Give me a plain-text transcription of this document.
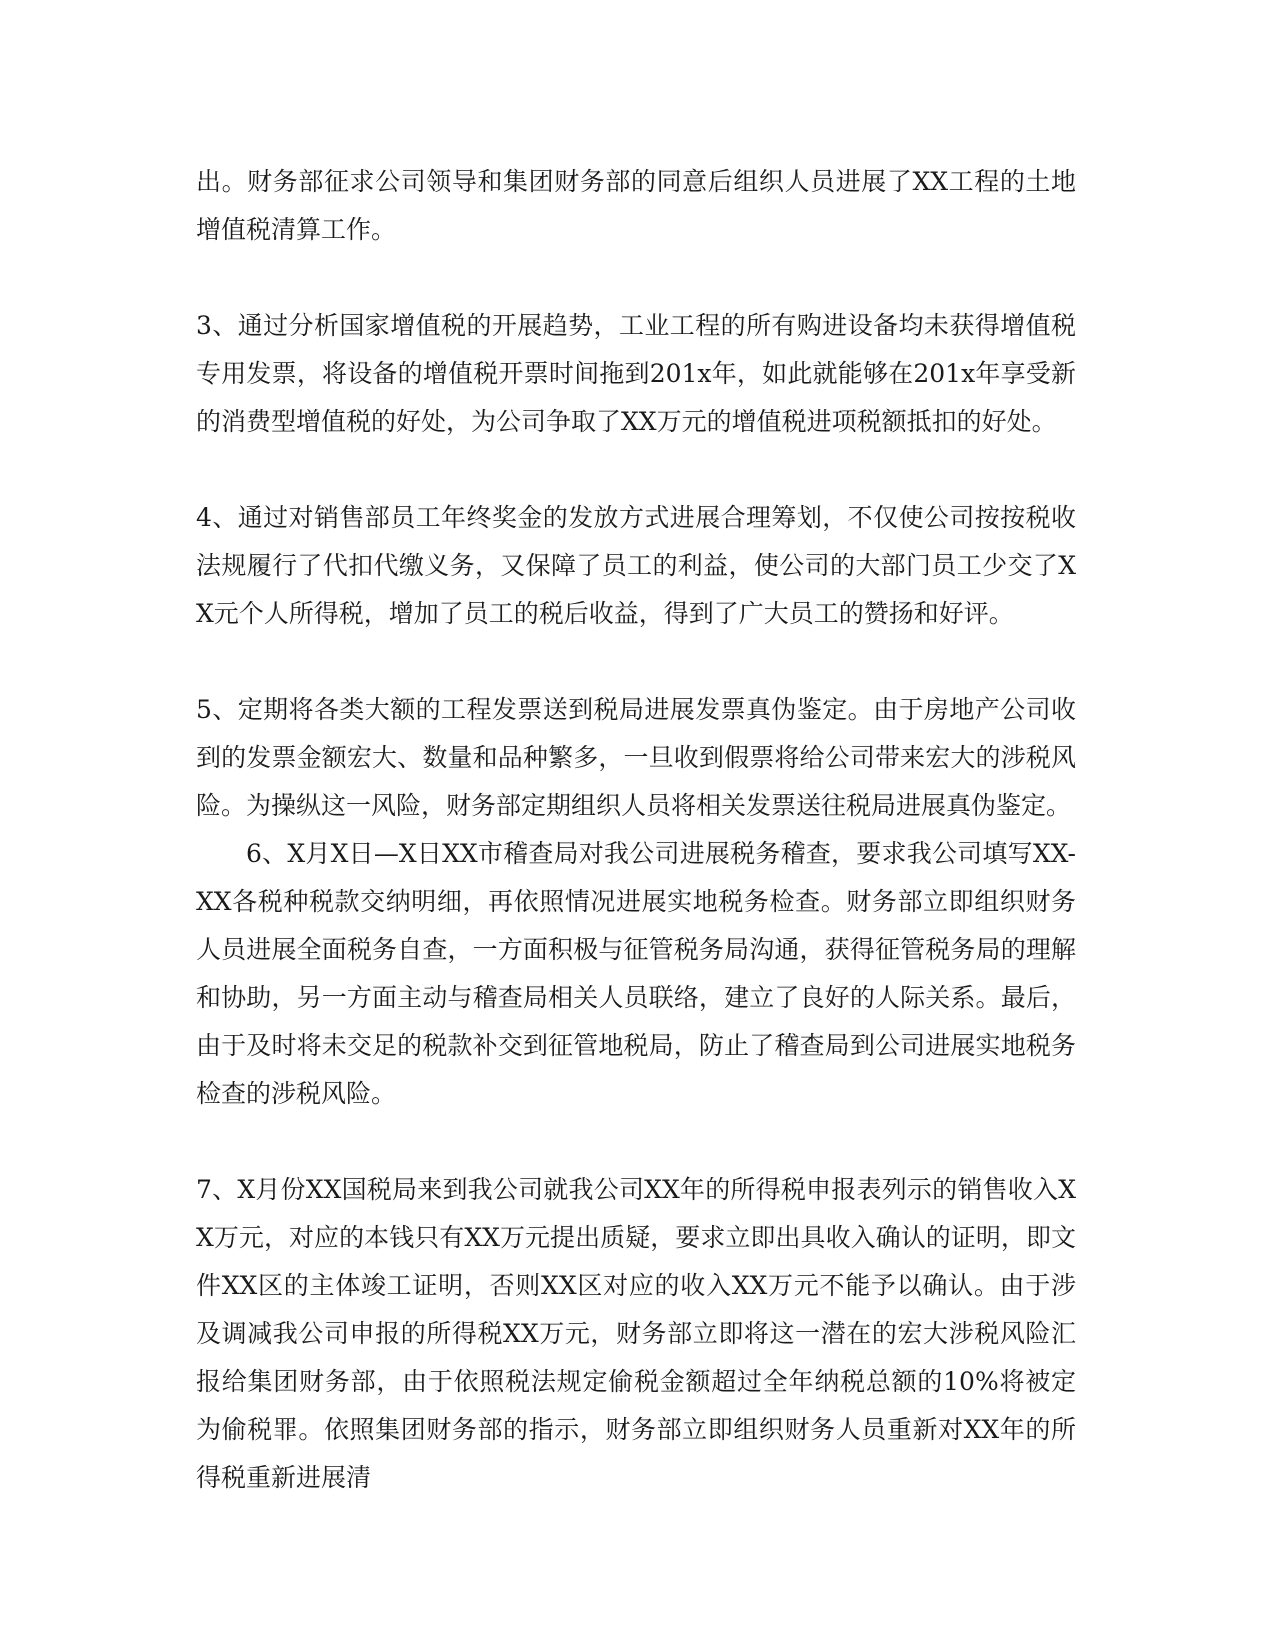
出。财务部征求公司领导和集团财务部的同意后组织人员进展了XX工程的土地增值税清算工作。

3、通过分析国家增值税的开展趋势，工业工程的所有购进设备均未获得增值税专用发票，将设备的增值税开票时间拖到201x年，如此就能够在201x年享受新的消费型增值税的好处，为公司争取了XX万元的增值税进项税额抵扣的好处。

4、通过对销售部员工年终奖金的发放方式进展合理筹划，不仅使公司按按税收法规履行了代扣代缴义务，又保障了员工的利益，使公司的大部门员工少交了XX元个人所得税，增加了员工的税后收益，得到了广大员工的赞扬和好评。

5、定期将各类大额的工程发票送到税局进展发票真伪鉴定。由于房地产公司收到的发票金额宏大、数量和品种繁多，一旦收到假票将给公司带来宏大的涉税风险。为操纵这一风险，财务部定期组织人员将相关发票送往税局进展真伪鉴定。

6、X月X日—X日XX市稽查局对我公司进展税务稽查，要求我公司填写XX-XX各税种税款交纳明细，再依照情况进展实地税务检查。财务部立即组织财务人员进展全面税务自查，一方面积极与征管税务局沟通，获得征管税务局的理解和协助，另一方面主动与稽查局相关人员联络，建立了良好的人际关系。最后，由于及时将未交足的税款补交到征管地税局，防止了稽查局到公司进展实地税务检查的涉税风险。

7、X月份XX国税局来到我公司就我公司XX年的所得税申报表列示的销售收入XX万元，对应的本钱只有XX万元提出质疑，要求立即出具收入确认的证明，即文件XX区的主体竣工证明，否则XX区对应的收入XX万元不能予以确认。由于涉及调减我公司申报的所得税XX万元，财务部立即将这一潜在的宏大涉税风险汇报给集团财务部，由于依照税法规定偷税金额超过全年纳税总额的10%将被定为偷税罪。依照集团财务部的指示，财务部立即组织财务人员重新对XX年的所得税重新进展清
